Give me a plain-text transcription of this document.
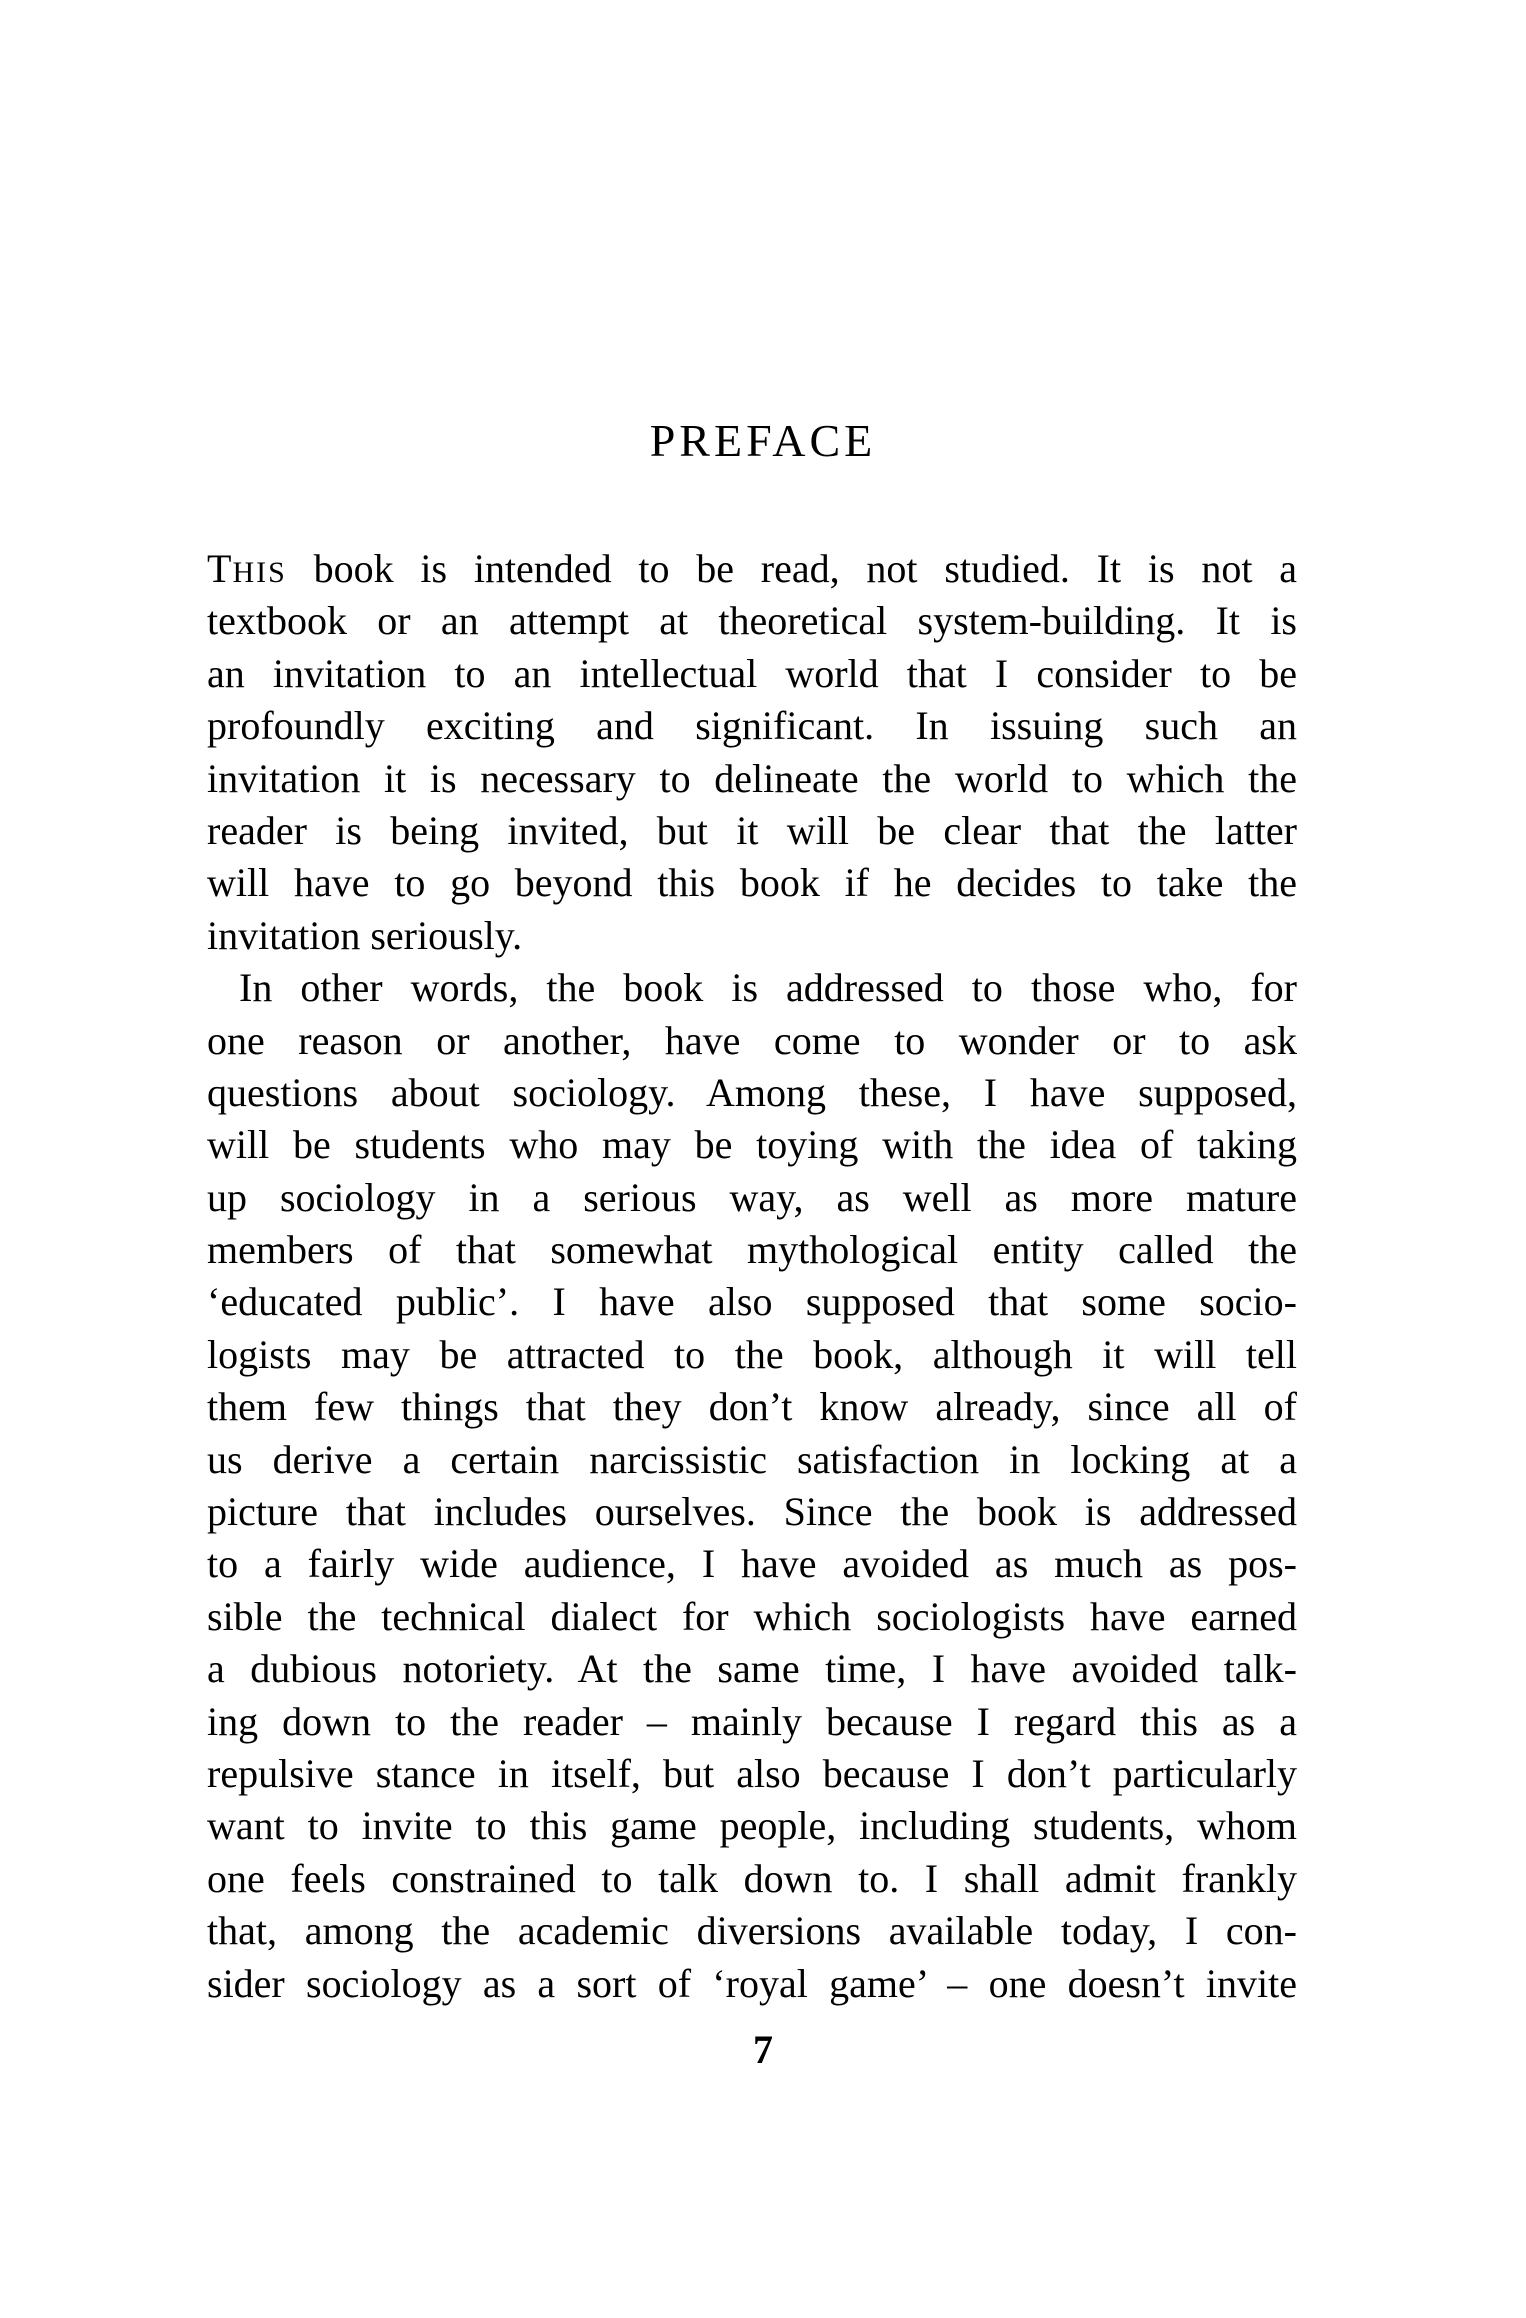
PREFACE
THIS book is intended to be read, not studied. It is not a
textbook or an attempt at theoretical system-building. It is
an invitation to an intellectual world that I consider to be
profoundly exciting and significant. In issuing such an
invitation it is necessary to delineate the world to which the
reader is being invited, but it will be clear that the latter
will have to go beyond this book if he decides to take the
invitation seriously.
In other words, the book is addressed to those who, for
one reason or another, have come to wonder or to ask
questions about sociology. Among these, I have supposed,
will be students who may be toying with the idea of taking
up sociology in a serious way, as well as more mature
members of that somewhat mythological entity called the
‘educated public’. I have also supposed that some socio-
logists may be attracted to the book, although it will tell
them few things that they don’t know already, since all of
us derive a certain narcissistic satisfaction in locking at a
picture that includes ourselves. Since the book is addressed
to a fairly wide audience, I have avoided as much as pos-
sible the technical dialect for which sociologists have earned
a dubious notoriety. At the same time, I have avoided talk-
ing down to the reader – mainly because I regard this as a
repulsive stance in itself, but also because I don’t particularly
want to invite to this game people, including students, whom
one feels constrained to talk down to. I shall admit frankly
that, among the academic diversions available today, I con-
sider sociology as a sort of ‘royal game’ – one doesn’t invite
7
